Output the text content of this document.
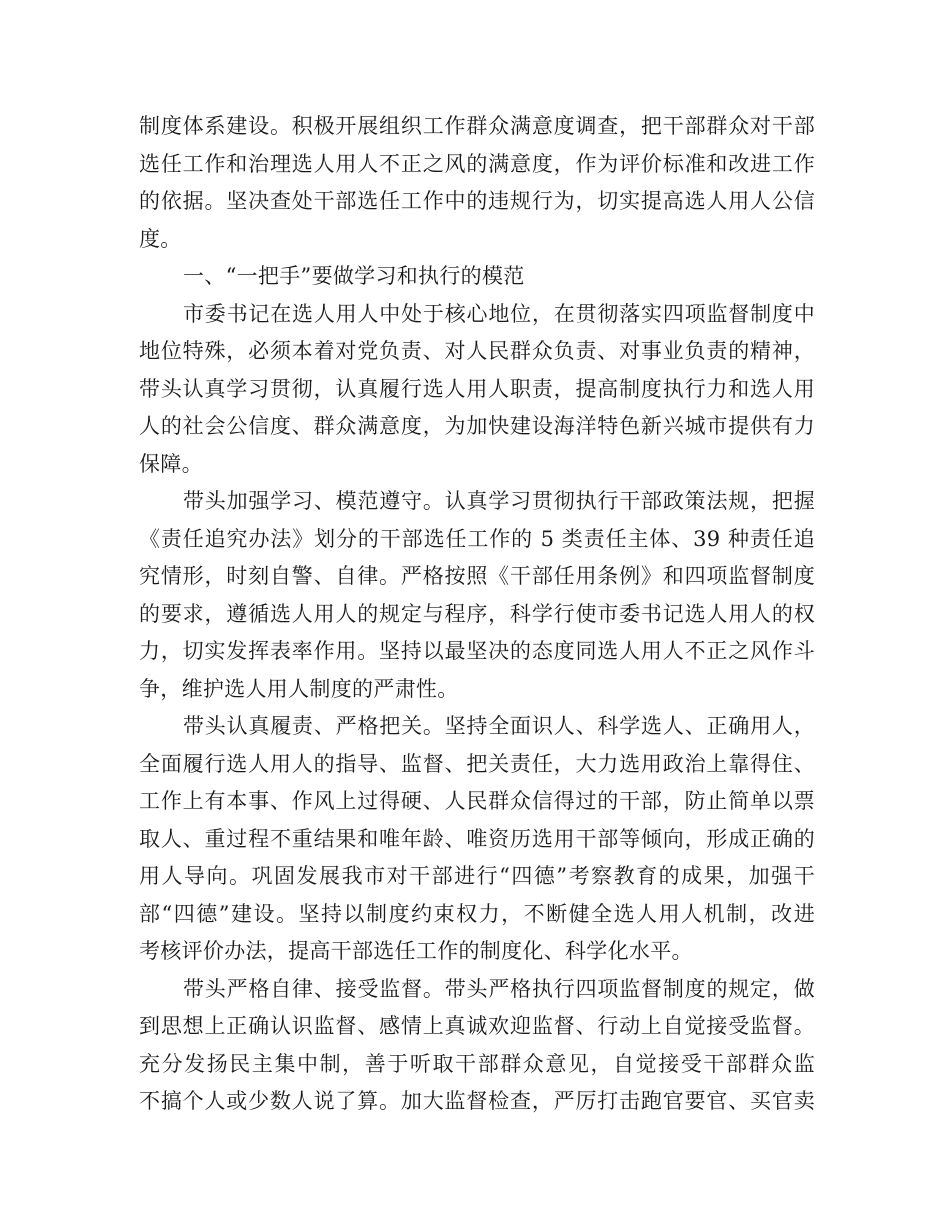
制度体系建设。积极开展组织工作群众满意度调查，把干部群众对干部
选任工作和治理选人用人不正之风的满意度，作为评价标准和改进工作
的依据。坚决查处干部选任工作中的违规行为，切实提高选人用人公信
度。
一、“一把手”要做学习和执行的模范
市委书记在选人用人中处于核心地位，在贯彻落实四项监督制度中
地位特殊，必须本着对党负责、对人民群众负责、对事业负责的精神，
带头认真学习贯彻，认真履行选人用人职责，提高制度执行力和选人用
人的社会公信度、群众满意度，为加快建设海洋特色新兴城市提供有力
保障。
带头加强学习、模范遵守。认真学习贯彻执行干部政策法规，把握
《责任追究办法》划分的干部选任工作的 5 类责任主体、39 种责任追
究情形，时刻自警、自律。严格按照《干部任用条例》和四项监督制度
的要求，遵循选人用人的规定与程序，科学行使市委书记选人用人的权
力，切实发挥表率作用。坚持以最坚决的态度同选人用人不正之风作斗
争，维护选人用人制度的严肃性。
带头认真履责、严格把关。坚持全面识人、科学选人、正确用人，
全面履行选人用人的指导、监督、把关责任，大力选用政治上靠得住、
工作上有本事、作风上过得硬、人民群众信得过的干部，防止简单以票
取人、重过程不重结果和唯年龄、唯资历选用干部等倾向，形成正确的
用人导向。巩固发展我市对干部进行“四德”考察教育的成果，加强干
部“四德”建设。坚持以制度约束权力，不断健全选人用人机制，改进
考核评价办法，提高干部选任工作的制度化、科学化水平。
带头严格自律、接受监督。带头严格执行四项监督制度的规定，做
到思想上正确认识监督、感情上真诚欢迎监督、行动上自觉接受监督。
充分发扬民主集中制，善于听取干部群众意见，自觉接受干部群众监
不搞个人或少数人说了算。加大监督检查，严厉打击跑官要官、买官卖
